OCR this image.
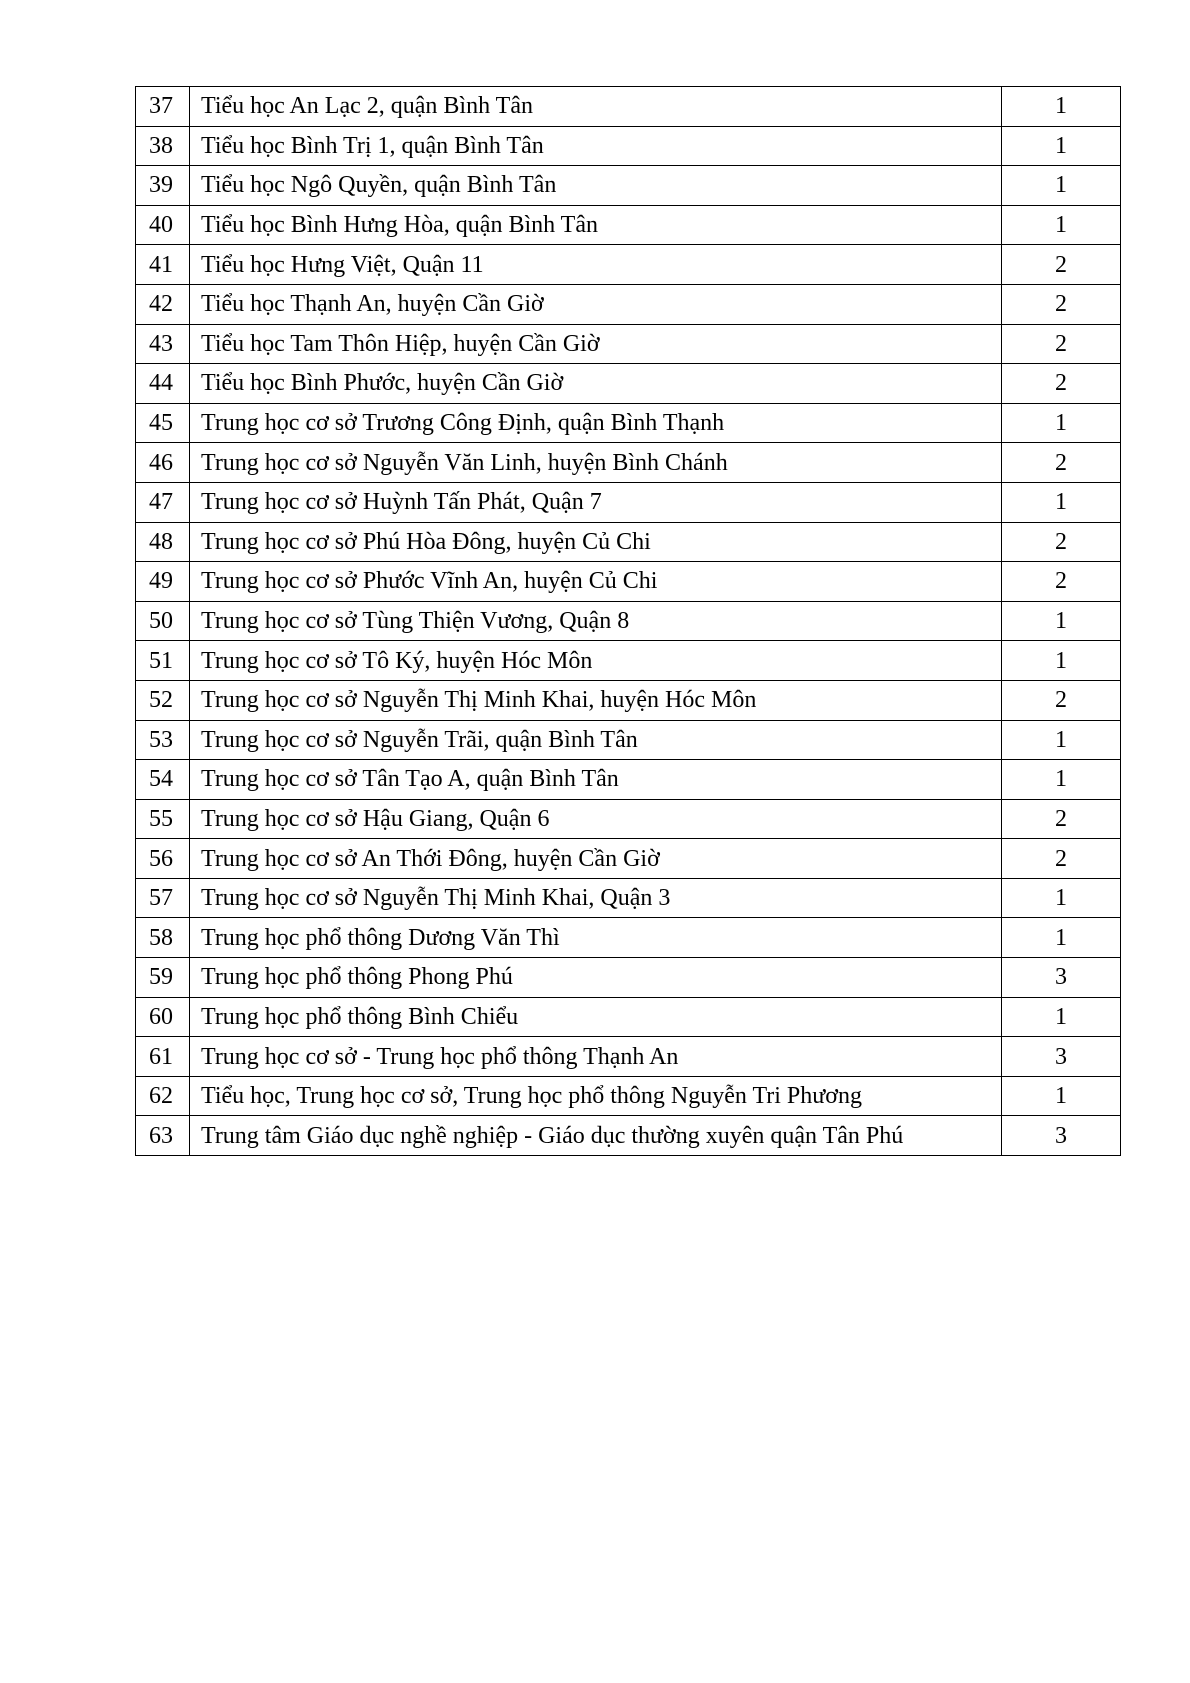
37	Tiểu học An Lạc 2, quận Bình Tân	1
38	Tiểu học Bình Trị 1, quận Bình Tân	1
39	Tiểu học Ngô Quyền, quận Bình Tân	1
40	Tiểu học Bình Hưng Hòa, quận Bình Tân	1
41	Tiểu học Hưng Việt, Quận 11	2
42	Tiểu học Thạnh An, huyện Cần Giờ	2
43	Tiểu học Tam Thôn Hiệp, huyện Cần Giờ	2
44	Tiểu học Bình Phước, huyện Cần Giờ	2
45	Trung học cơ sở Trương Công Định, quận Bình Thạnh	1
46	Trung học cơ sở Nguyễn Văn Linh, huyện Bình Chánh	2
47	Trung học cơ sở Huỳnh Tấn Phát, Quận 7	1
48	Trung học cơ sở Phú Hòa Đông, huyện Củ Chi	2
49	Trung học cơ sở Phước Vĩnh An, huyện Củ Chi	2
50	Trung học cơ sở Tùng Thiện Vương, Quận 8	1
51	Trung học cơ sở Tô Ký, huyện Hóc Môn	1
52	Trung học cơ sở Nguyễn Thị Minh Khai, huyện Hóc Môn	2
53	Trung học cơ sở Nguyễn Trãi, quận Bình Tân	1
54	Trung học cơ sở Tân Tạo A, quận Bình Tân	1
55	Trung học cơ sở Hậu Giang, Quận 6	2
56	Trung học cơ sở An Thới Đông, huyện Cần Giờ	2
57	Trung học cơ sở Nguyễn Thị Minh Khai, Quận 3	1
58	Trung học phổ thông Dương Văn Thì	1
59	Trung học phổ thông Phong Phú	3
60	Trung học phổ thông Bình Chiểu	1
61	Trung học cơ sở - Trung học phổ thông Thạnh An	3
62	Tiểu học, Trung học cơ sở, Trung học phổ thông Nguyễn Tri Phương	1
63	Trung tâm Giáo dục nghề nghiệp - Giáo dục thường xuyên quận Tân Phú	3
